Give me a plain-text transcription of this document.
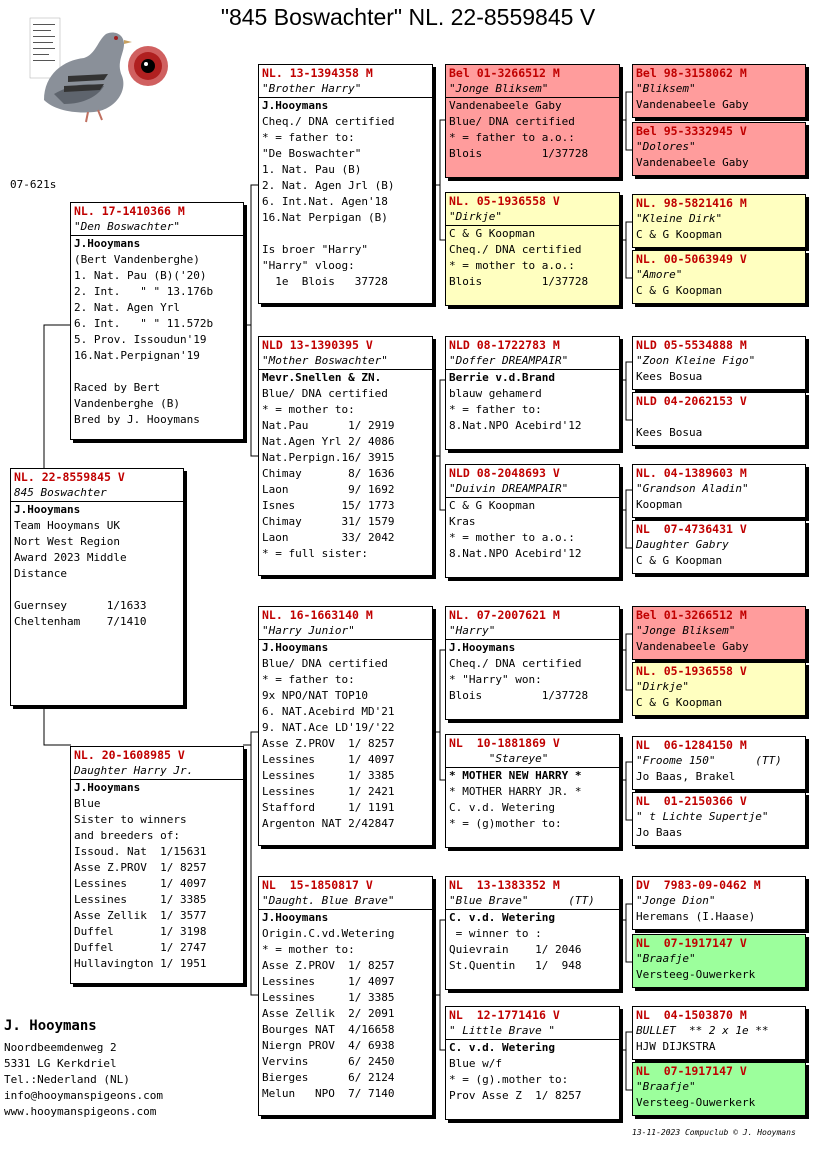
"845 Boswachter" NL. 22-8559845 V
07-621s
NL. 22-8559845 V
845 Boswachter
J.Hooymans
Team Hooymans UK
Nort West Region
Award 2023 Middle
Distance
Guernsey      1/1633
Cheltenham    7/1410
NL. 17-1410366 M
"Den Boswachter"
J.Hooymans
(Bert Vandenberghe)
1. Nat. Pau (B)('20)
2. Int.   " " 13.176b
2. Nat. Agen Yrl
6. Int.   " " 11.572b
5. Prov. Issoudun'19
16.Nat.Perpignan'19
Raced by Bert
Vandenberghe (B)
Bred by J. Hooymans
NL. 20-1608985 V
Daughter Harry Jr.
J.Hooymans
Blue
Sister to winners
and breeders of:
Issoud. Nat  1/15631
Asse Z.PROV  1/ 8257
Lessines     1/ 4097
Lessines     1/ 3385
Asse Zellik  1/ 3577
Duffel       1/ 3198
Duffel       1/ 2747
Hullavington 1/ 1951
NL. 13-1394358 M
"Brother Harry"
J.Hooymans
Cheq./ DNA certified
* = father to:
"De Boswachter"
1. Nat. Pau (B)
2. Nat. Agen Jrl (B)
6. Int.Nat. Agen'18
16.Nat Perpigan (B)
Is broer "Harry"
"Harry" vloog:
1e  Blois   37728
NLD 13-1390395 V
"Mother Boswachter"
Mevr.Snellen & ZN.
Blue/ DNA certified
* = mother to:
Nat.Pau      1/ 2919
Nat.Agen Yrl 2/ 4086
Nat.Perpign.16/ 3915
Chimay       8/ 1636
Laon         9/ 1692
Isnes       15/ 1773
Chimay      31/ 1579
Laon        33/ 2042
* = full sister:
NL. 16-1663140 M
"Harry Junior"
J.Hooymans
Blue/ DNA certified
* = father to:
9x NPO/NAT TOP10
6. NAT.Acebird MD'21
9. NAT.Ace LD'19/'22
Asse Z.PROV  1/ 8257
Lessines     1/ 4097
Lessines     1/ 3385
Lessines     1/ 2421
Stafford     1/ 1191
Argenton NAT 2/42847
NL  15-1850817 V
"Daught. Blue Brave"
J.Hooymans
Origin.C.vd.Wetering
* = mother to:
Asse Z.PROV  1/ 8257
Lessines     1/ 4097
Lessines     1/ 3385
Asse Zellik  2/ 2091
Bourges NAT  4/16658
Niergn PROV  4/ 6938
Vervins      6/ 2450
Bierges      6/ 2124
Melun   NPO  7/ 7140
Bel 01-3266512 M
"Jonge Bliksem"
Vandenabeele Gaby
Blue/ DNA certified
* = father to a.o.:
Blois         1/37728
NL. 05-1936558 V
"Dirkje"
C & G Koopman
Cheq./ DNA certified
* = mother to a.o.:
Blois         1/37728
NLD 08-1722783 M
"Doffer DREAMPAIR"
Berrie v.d.Brand
blauw gehamerd
* = father to:
8.Nat.NPO Acebird'12
NLD 08-2048693 V
"Duivin DREAMPAIR"
C & G Koopman
Kras
* = mother to a.o.:
8.Nat.NPO Acebird'12
NL. 07-2007621 M
"Harry"
J.Hooymans
Cheq./ DNA certified
* "Harry" won:
Blois         1/37728
NL  10-1881869 V
"Stareye"
* MOTHER NEW HARRY *
* MOTHER HARRY JR. *
C. v.d. Wetering
* = (g)mother to:
NL  13-1383352 M
"Blue Brave"      (TT)
C. v.d. Wetering
= winner to :
Quievrain    1/ 2046
St.Quentin   1/  948
NL  12-1771416 V
" Little Brave "
C. v.d. Wetering
Blue w/f
* = (g).mother to:
Prov Asse Z  1/ 8257
Bel 98-3158062 M
"Bliksem"
Vandenabeele Gaby
Bel 95-3332945 V
"Dolores"
Vandenabeele Gaby
NL. 98-5821416 M
"Kleine Dirk"
C & G Koopman
NL. 00-5063949 V
"Amore"
C & G Koopman
NLD 05-5534888 M
"Zoon Kleine Figo"
Kees Bosua
NLD 04-2062153 V
Kees Bosua
NL. 04-1389603 M
"Grandson Aladin"
Koopman
NL  07-4736431 V
Daughter Gabry
C & G Koopman
Bel 01-3266512 M
"Jonge Bliksem"
Vandenabeele Gaby
NL. 05-1936558 V
"Dirkje"
C & G Koopman
NL  06-1284150 M
"Froome 150"      (TT)
Jo Baas, Brakel
NL  01-2150366 V
" t Lichte Supertje"
Jo Baas
DV  7983-09-0462 M
"Jonge Dion"
Heremans (I.Haase)
NL  07-1917147 V
"Braafje"
Versteeg-Ouwerkerk
NL  04-1503870 M
BULLET  ** 2 x 1e **
HJW DIJKSTRA
NL  07-1917147 V
"Braafje"
Versteeg-Ouwerkerk
J. Hooymans
Noordbeemdenweg 2
5331 LG Kerkdriel
Tel.:Nederland (NL)
info@hooymanspigeons.com
www.hooymanspigeons.com
13-11-2023 Compuclub © J. Hooymans
